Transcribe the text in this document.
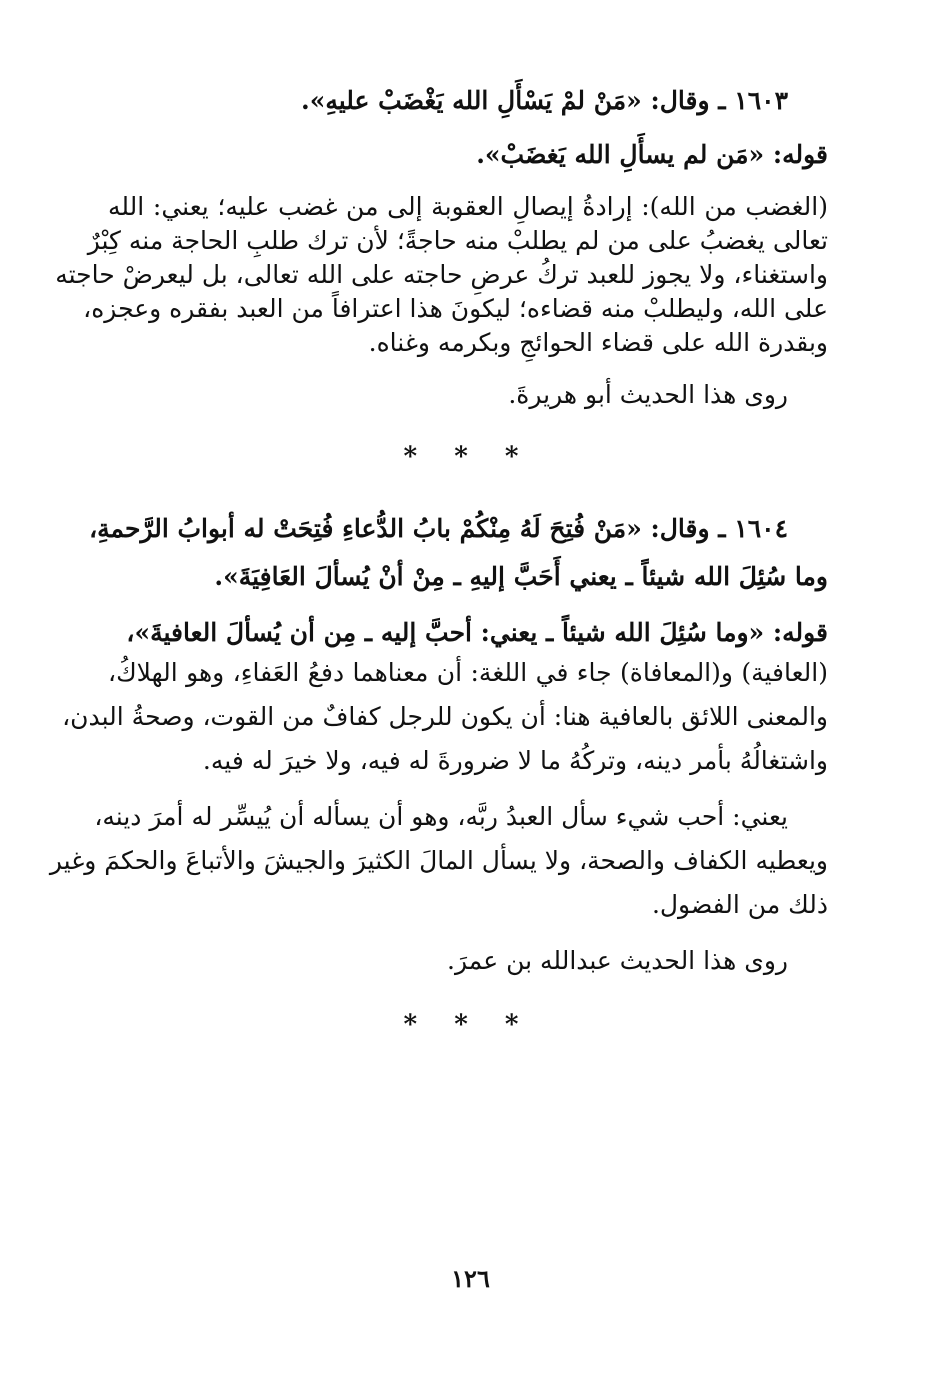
١٦٠٣ ـ وقال: «مَنْ لمْ يَسْأَلِ الله يَغْضَبْ عليهِ».
قوله: «مَن لم يسأَلِ الله يَغضَبْ».
(الغضب من الله): إرادةُ إيصالِ العقوبة إلى من غضب عليه؛ يعني: الله
تعالى يغضبُ على من لم يطلبْ منه حاجةً؛ لأن ترك طلبِ الحاجة منه كِبْرٌ
واستغناء، ولا يجوز للعبد تركُ عرضِ حاجته على الله تعالى، بل ليعرضْ حاجته
على الله، وليطلبْ منه قضاءه؛ ليكونَ هذا اعترافاً من العبد بفقره وعجزه،
وبقدرة الله على قضاء الحوائجِ وبكرمه وغناه.
روى هذا الحديث أبو هريرةَ.
* * *
١٦٠٤ ـ وقال: «مَنْ فُتِحَ لَهُ مِنْكُمْ بابُ الدُّعاءِ فُتِحَتْ له أبوابُ الرَّحمةِ،
وما سُئِلَ الله شيئاً ـ يعني أَحَبَّ إليهِ ـ مِنْ أنْ يُسألَ العَافِيَةَ».
قوله: «وما سُئِلَ الله شيئاً ـ يعني: أحبَّ إليه ـ مِن أن يُسألَ العافيةَ»،
(العافية) و(المعافاة) جاء في اللغة: أن معناهما دفعُ العَفاءِ، وهو الهلاكُ،
والمعنى اللائق بالعافية هنا: أن يكون للرجل كفافٌ من القوت، وصحةُ البدن،
واشتغالُهُ بأمر دينه، وتركُهُ ما لا ضرورةَ له فيه، ولا خيرَ له فيه.
يعني: أحب شيء سأل العبدُ ربَّه، وهو أن يسأله أن يُيسِّر له أمرَ دينه،
ويعطيه الكفاف والصحة، ولا يسأل المالَ الكثيرَ والجيشَ والأتباعَ والحكمَ وغير
ذلك من الفضول.
روى هذا الحديث عبدالله بن عمرَ.
* * *
١٢٦
